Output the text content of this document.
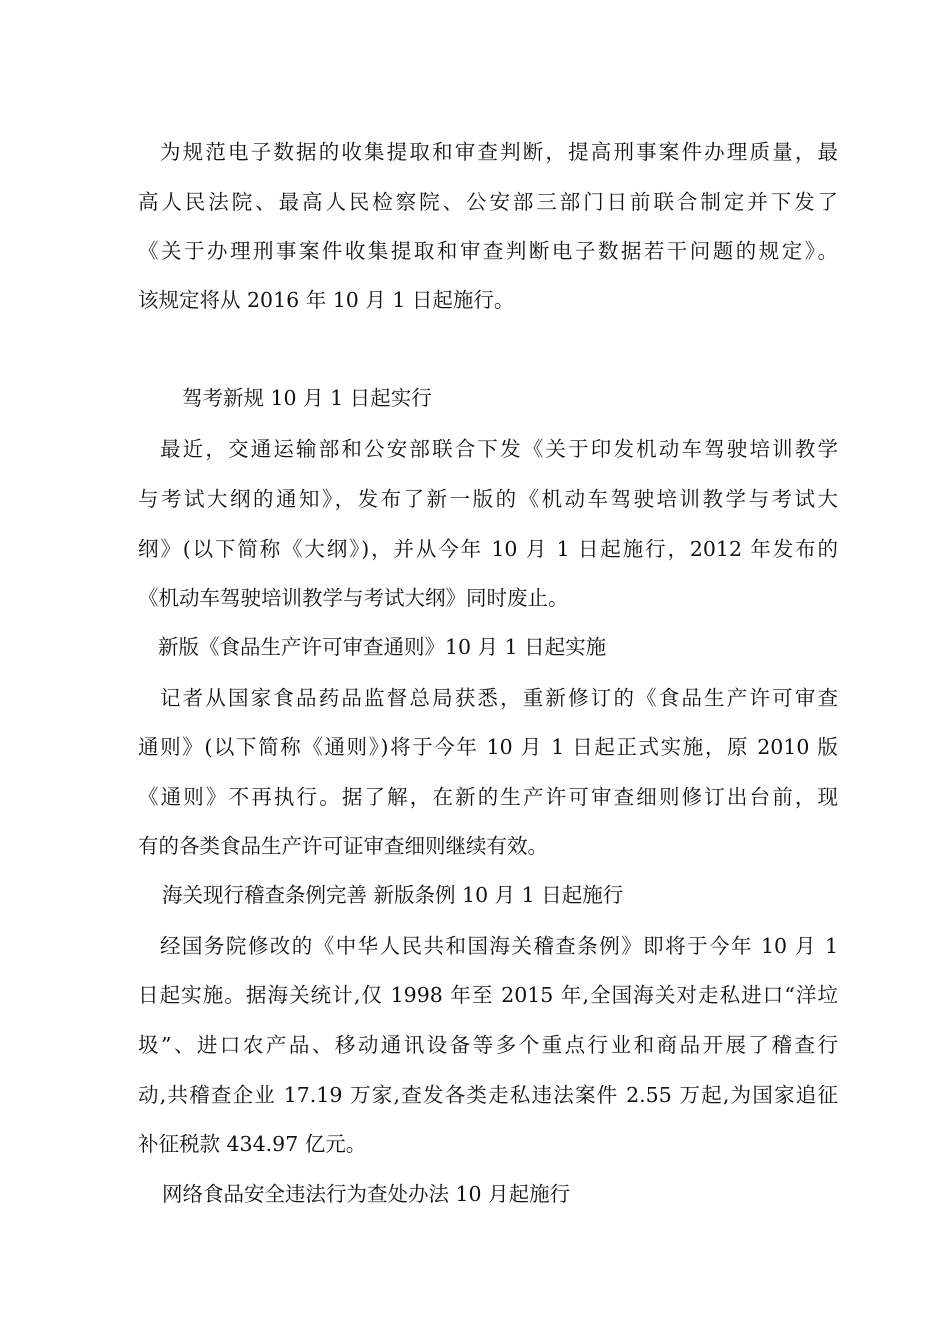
为规范电子数据的收集提取和审查判断，提高刑事案件办理质量，最
高人民法院、最高人民检察院、公安部三部门日前联合制定并下发了
《关于办理刑事案件收集提取和审查判断电子数据若干问题的规定》。
该规定将从 2016 年 10 月 1 日起施行。
驾考新规 10 月 1 日起实行
最近，交通运输部和公安部联合下发《关于印发机动车驾驶培训教学
与考试大纲的通知》，发布了新一版的《机动车驾驶培训教学与考试大
纲》(以下简称《大纲》)，并从今年 10 月 1 日起施行，2012 年发布的
《机动车驾驶培训教学与考试大纲》同时废止。
新版《食品生产许可审查通则》10 月 1 日起实施
记者从国家食品药品监督总局获悉，重新修订的《食品生产许可审查
通则》(以下简称《通则》)将于今年 10 月 1 日起正式实施，原 2010 版
《通则》不再执行。据了解，在新的生产许可审查细则修订出台前，现
有的各类食品生产许可证审查细则继续有效。
海关现行稽查条例完善 新版条例 10 月 1 日起施行
经国务院修改的《中华人民共和国海关稽查条例》即将于今年 10 月 1
日起实施。据海关统计,仅 1998 年至 2015 年,全国海关对走私进口“洋垃
圾”、进口农产品、移动通讯设备等多个重点行业和商品开展了稽查行
动,共稽查企业 17.19 万家,查发各类走私违法案件 2.55 万起,为国家追征
补征税款 434.97 亿元。
网络食品安全违法行为查处办法 10 月起施行
